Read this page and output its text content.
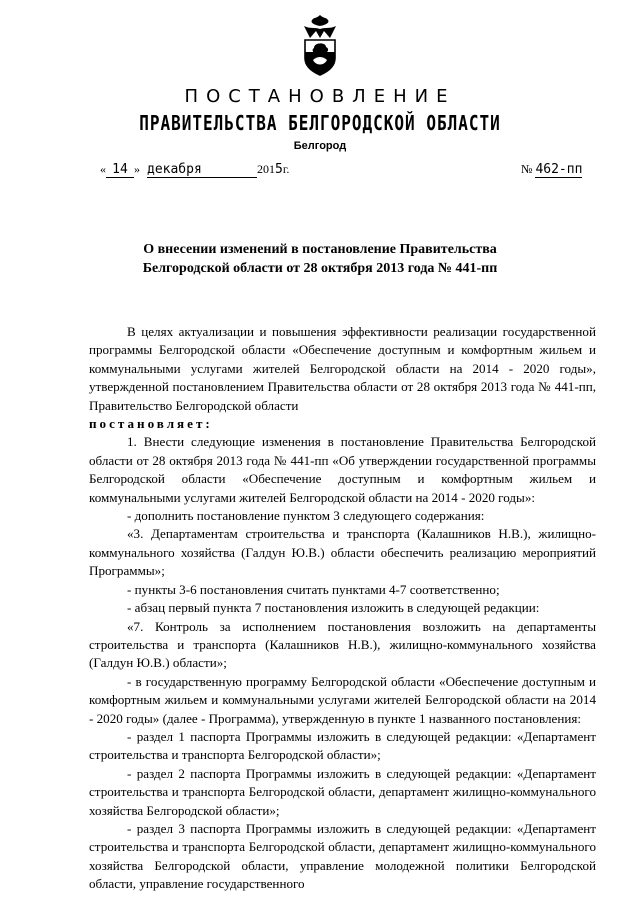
ПОСТАНОВЛЕНИЕ
ПРАВИТЕЛЬСТВА БЕЛГОРОДСКОЙ ОБЛАСТИ
Белгород
« 14 » декабря	2015г.	№ 462-пп
О внесении изменений в постановление Правительства
Белгородской области от 28 октября 2013 года № 441-пп

В целях актуализации и повышения эффективности реализации государственной программы Белгородской области «Обеспечение доступным и комфортным жильем и коммунальными услугами жителей Белгородской области на 2014 - 2020 годы», утвержденной постановлением Правительства области от 28 октября 2013 года № 441-пп, Правительство Белгородской области

постановляет:

1. Внести следующие изменения в постановление Правительства Белгородской области от 28 октября 2013 года № 441-пп «Об утверждении государственной программы Белгородской области «Обеспечение доступным и комфортным жильем и коммунальными услугами жителей Белгородской области на 2014 - 2020 годы»:

- дополнить постановление пунктом 3 следующего содержания:

«3. Департаментам строительства и транспорта (Калашников Н.В.), жилищно-коммунального хозяйства (Галдун Ю.В.) области обеспечить реализацию мероприятий Программы»;

- пункты 3-6 постановления считать пунктами 4-7 соответственно;

- абзац первый пункта 7 постановления изложить в следующей редакции:

«7. Контроль за исполнением постановления возложить на департаменты строительства и транспорта (Калашников Н.В.), жилищно-коммунального хозяйства (Галдун Ю.В.) области»;

- в государственную программу Белгородской области «Обеспечение доступным и комфортным жильем и коммунальными услугами жителей Белгородской области на 2014 - 2020 годы» (далее - Программа), утвержденную в пункте 1 названного постановления:

- раздел 1 паспорта Программы изложить в следующей редакции: «Департамент строительства и транспорта Белгородской области»;

- раздел 2 паспорта Программы изложить в следующей редакции: «Департамент строительства и транспорта Белгородской области, департамент жилищно-коммунального хозяйства Белгородской области»;

- раздел 3 паспорта Программы изложить в следующей редакции: «Департамент строительства и транспорта Белгородской области, департамент жилищно-коммунального хозяйства Белгородской области, управление молодежной политики Белгородской области, управление государственного
